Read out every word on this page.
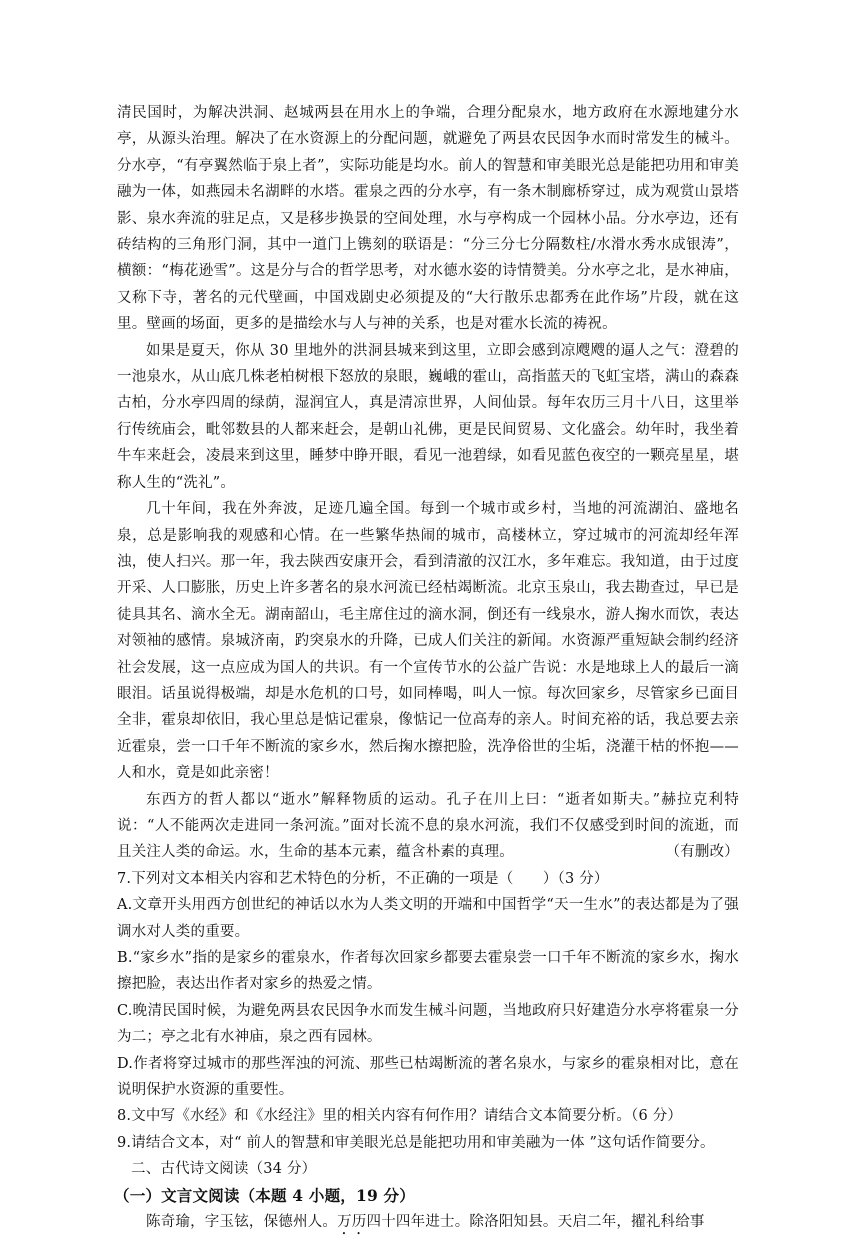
清民国时，为解决洪洞、赵城两县在用水上的争端，合理分配泉水，地方政府在水源地建分水亭，从源头治理。解决了在水资源上的分配问题，就避免了两县农民因争水而时常发生的械斗。分水亭，“有亭翼然临于泉上者”，实际功能是均水。前人的智慧和审美眼光总是能把功用和审美融为一体，如燕园未名湖畔的水塔。霍泉之西的分水亭，有一条木制廊桥穿过，成为观赏山景塔影、泉水奔流的驻足点，又是移步换景的空间处理，水与亭构成一个园林小品。分水亭边，还有砖结构的三角形门洞，其中一道门上镌刻的联语是：“分三分七分隔数柱/水滑水秀水成银涛”，横额：“梅花逊雪”。这是分与合的哲学思考，对水德水姿的诗情赞美。分水亭之北，是水神庙，又称下寺，著名的元代壁画，中国戏剧史必须提及的“大行散乐忠都秀在此作场”片段，就在这里。壁画的场面，更多的是描绘水与人与神的关系，也是对霍水长流的祷祝。

如果是夏天，你从 30 里地外的洪洞县城来到这里，立即会感到凉飕飕的逼人之气：澄碧的一池泉水，从山底几株老柏树根下怒放的泉眼，巍峨的霍山，高指蓝天的飞虹宝塔，满山的森森古柏，分水亭四周的绿荫，湿润宜人，真是清凉世界，人间仙景。每年农历三月十八日，这里举行传统庙会，毗邻数县的人都来赶会，是朝山礼佛，更是民间贸易、文化盛会。幼年时，我坐着牛车来赶会，凌晨来到这里，睡梦中睁开眼，看见一池碧绿，如看见蓝色夜空的一颗亮星星，堪称人生的“洗礼”。

几十年间，我在外奔波，足迹几遍全国。每到一个城市或乡村，当地的河流湖泊、盛地名泉，总是影响我的观感和心情。在一些繁华热闹的城市，高楼林立，穿过城市的河流却经年浑浊，使人扫兴。那一年，我去陕西安康开会，看到清澈的汉江水，多年难忘。我知道，由于过度开采、人口膨胀，历史上许多著名的泉水河流已经枯竭断流。北京玉泉山，我去勘查过，早已是徒具其名、滴水全无。湖南韶山，毛主席住过的滴水洞，倒还有一线泉水，游人掬水而饮，表达对领袖的感情。泉城济南，趵突泉水的升降，已成人们关注的新闻。水资源严重短缺会制约经济社会发展，这一点应成为国人的共识。有一个宣传节水的公益广告说：水是地球上人的最后一滴眼泪。话虽说得极端，却是水危机的口号，如同棒喝，叫人一惊。每次回家乡，尽管家乡已面目全非，霍泉却依旧，我心里总是惦记霍泉，像惦记一位高寿的亲人。时间充裕的话，我总要去亲近霍泉，尝一口千年不断流的家乡水，然后掬水擦把脸，洗净俗世的尘垢，浇灌干枯的怀抱——人和水，竟是如此亲密！

东西方的哲人都以“逝水”解释物质的运动。孔子在川上曰：“逝者如斯夫。”赫拉克利特说：“人不能两次走进同一条河流。”面对长流不息的泉水河流，我们不仅感受到时间的流逝，而且关注人类的命运。水，生命的基本元素，蕴含朴素的真理。	（有删改）

7.下列对文本相关内容和艺术特色的分析，不正确的一项是（　　）（3 分）

A.文章开头用西方创世纪的神话以水为人类文明的开端和中国哲学“天一生水”的表达都是为了强调水对人类的重要。

B.“家乡水”指的是家乡的霍泉水，作者每次回家乡都要去霍泉尝一口千年不断流的家乡水，掬水擦把脸，表达出作者对家乡的热爱之情。

C.晚清民国时候，为避免两县农民因争水而发生械斗问题，当地政府只好建造分水亭将霍泉一分为二；亭之北有水神庙，泉之西有园林。

D.作者将穿过城市的那些浑浊的河流、那些已枯竭断流的著名泉水，与家乡的霍泉相对比，意在说明保护水资源的重要性。

8.文中写《水经》和《水经注》里的相关内容有何作用？请结合文本简要分析。（6 分）

9.请结合文本，对“ 前人的智慧和审美眼光总是能把功用和审美融为一体 ”这句话作简要分。

二、古代诗文阅读（34 分）

（一）文言文阅读（本题 4 小题，19 分）

陈奇瑜，字玉铉，保德州人。万历四十四年进士。除洛阳知县。天启二年，擢礼科给事
